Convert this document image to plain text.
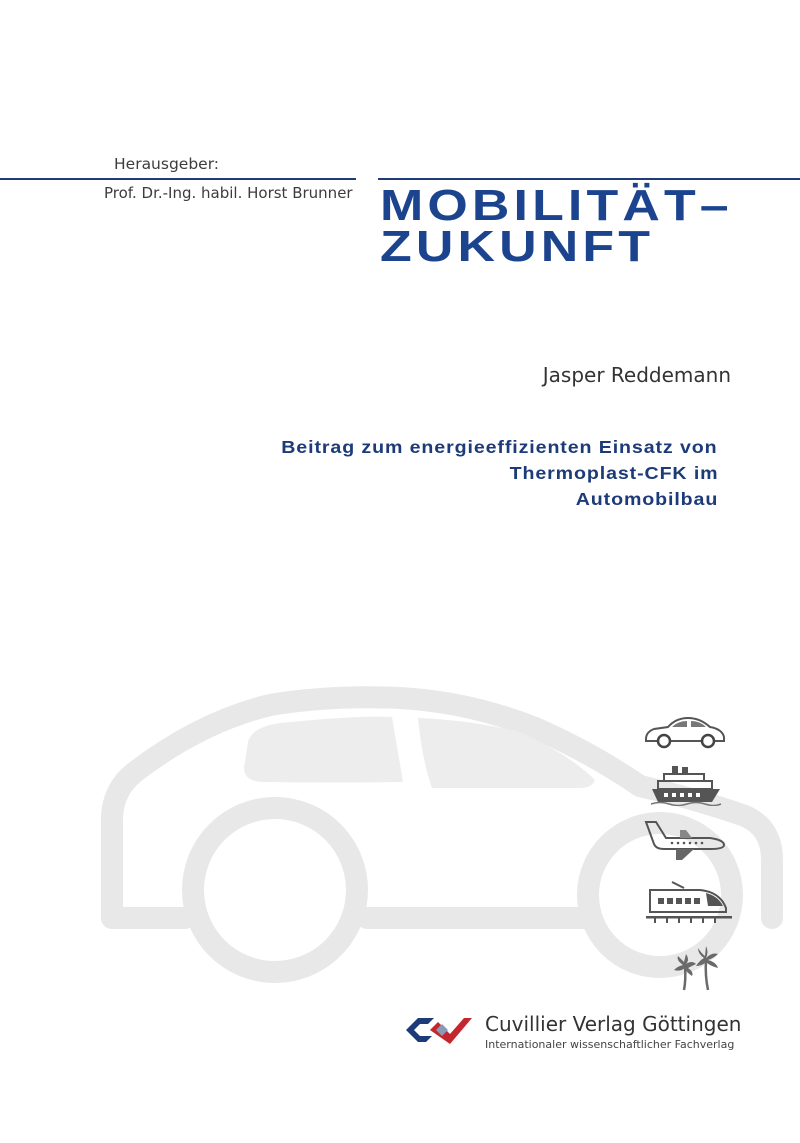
Herausgeber:
Prof. Dr.-Ing. habil. Horst Brunner MOBILITÄT–
ZUKUNFT
Jasper Reddemann
Beitrag zum energieeffizienten Einsatz von
Thermoplast-CFK im
Automobilbau
Cuvillier Verlag Göttingen
Internationaler wissenschaftlicher Fachverlag
